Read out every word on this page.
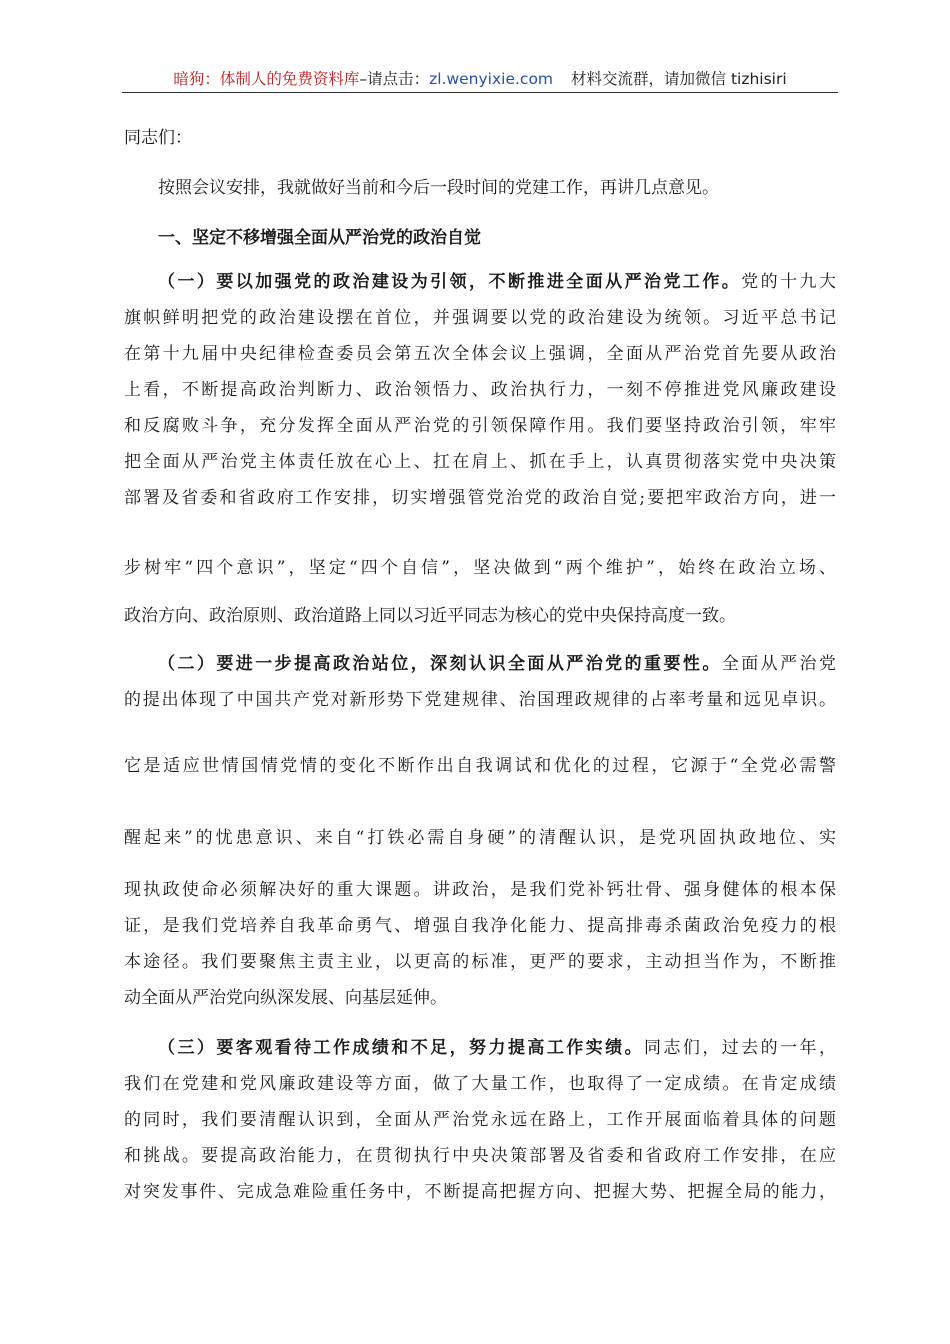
暗狗：体制人的免费资料库–请点击：zl.wenyixie.com 材料交流群，请加微信 tizhisiri
同志们：
按照会议安排，我就做好当前和今后一段时间的党建工作，再讲几点意见。
一、坚定不移增强全面从严治党的政治自觉
（一）要以加强党的政治建设为引领，不断推进全面从严治党工作。党的十九大
旗帜鲜明把党的政治建设摆在首位，并强调要以党的政治建设为统领。习近平总书记
在第十九届中央纪律检查委员会第五次全体会议上强调，全面从严治党首先要从政治
上看，不断提高政治判断力、政治领悟力、政治执行力，一刻不停推进党风廉政建设
和反腐败斗争，充分发挥全面从严治党的引领保障作用。我们要坚持政治引领，牢牢
把全面从严治党主体责任放在心上、扛在肩上、抓在手上，认真贯彻落实党中央决策
部署及省委和省政府工作安排，切实增强管党治党的政治自觉;要把牢政治方向，进一
步树牢“四个意识”，坚定“四个自信”，坚决做到“两个维护”，始终在政治立场、
政治方向、政治原则、政治道路上同以习近平同志为核心的党中央保持高度一致。
（二）要进一步提高政治站位，深刻认识全面从严治党的重要性。全面从严治党
的提出体现了中国共产党对新形势下党建规律、治国理政规律的占率考量和远见卓识。
它是适应世情国情党情的变化不断作出自我调试和优化的过程，它源于“全党必需警
醒起来”的忧患意识、来自“打铁必需自身硬”的清醒认识，是党巩固执政地位、实
现执政使命必须解决好的重大课题。讲政治，是我们党补钙壮骨、强身健体的根本保
证，是我们党培养自我革命勇气、增强自我净化能力、提高排毒杀菌政治免疫力的根
本途径。我们要聚焦主责主业，以更高的标准，更严的要求，主动担当作为，不断推
动全面从严治党向纵深发展、向基层延伸。
（三）要客观看待工作成绩和不足，努力提高工作实绩。同志们，过去的一年，
我们在党建和党风廉政建设等方面，做了大量工作，也取得了一定成绩。在肯定成绩
的同时，我们要清醒认识到，全面从严治党永远在路上，工作开展面临着具体的问题
和挑战。要提高政治能力，在贯彻执行中央决策部署及省委和省政府工作安排，在应
对突发事件、完成急难险重任务中，不断提高把握方向、把握大势、把握全局的能力，
